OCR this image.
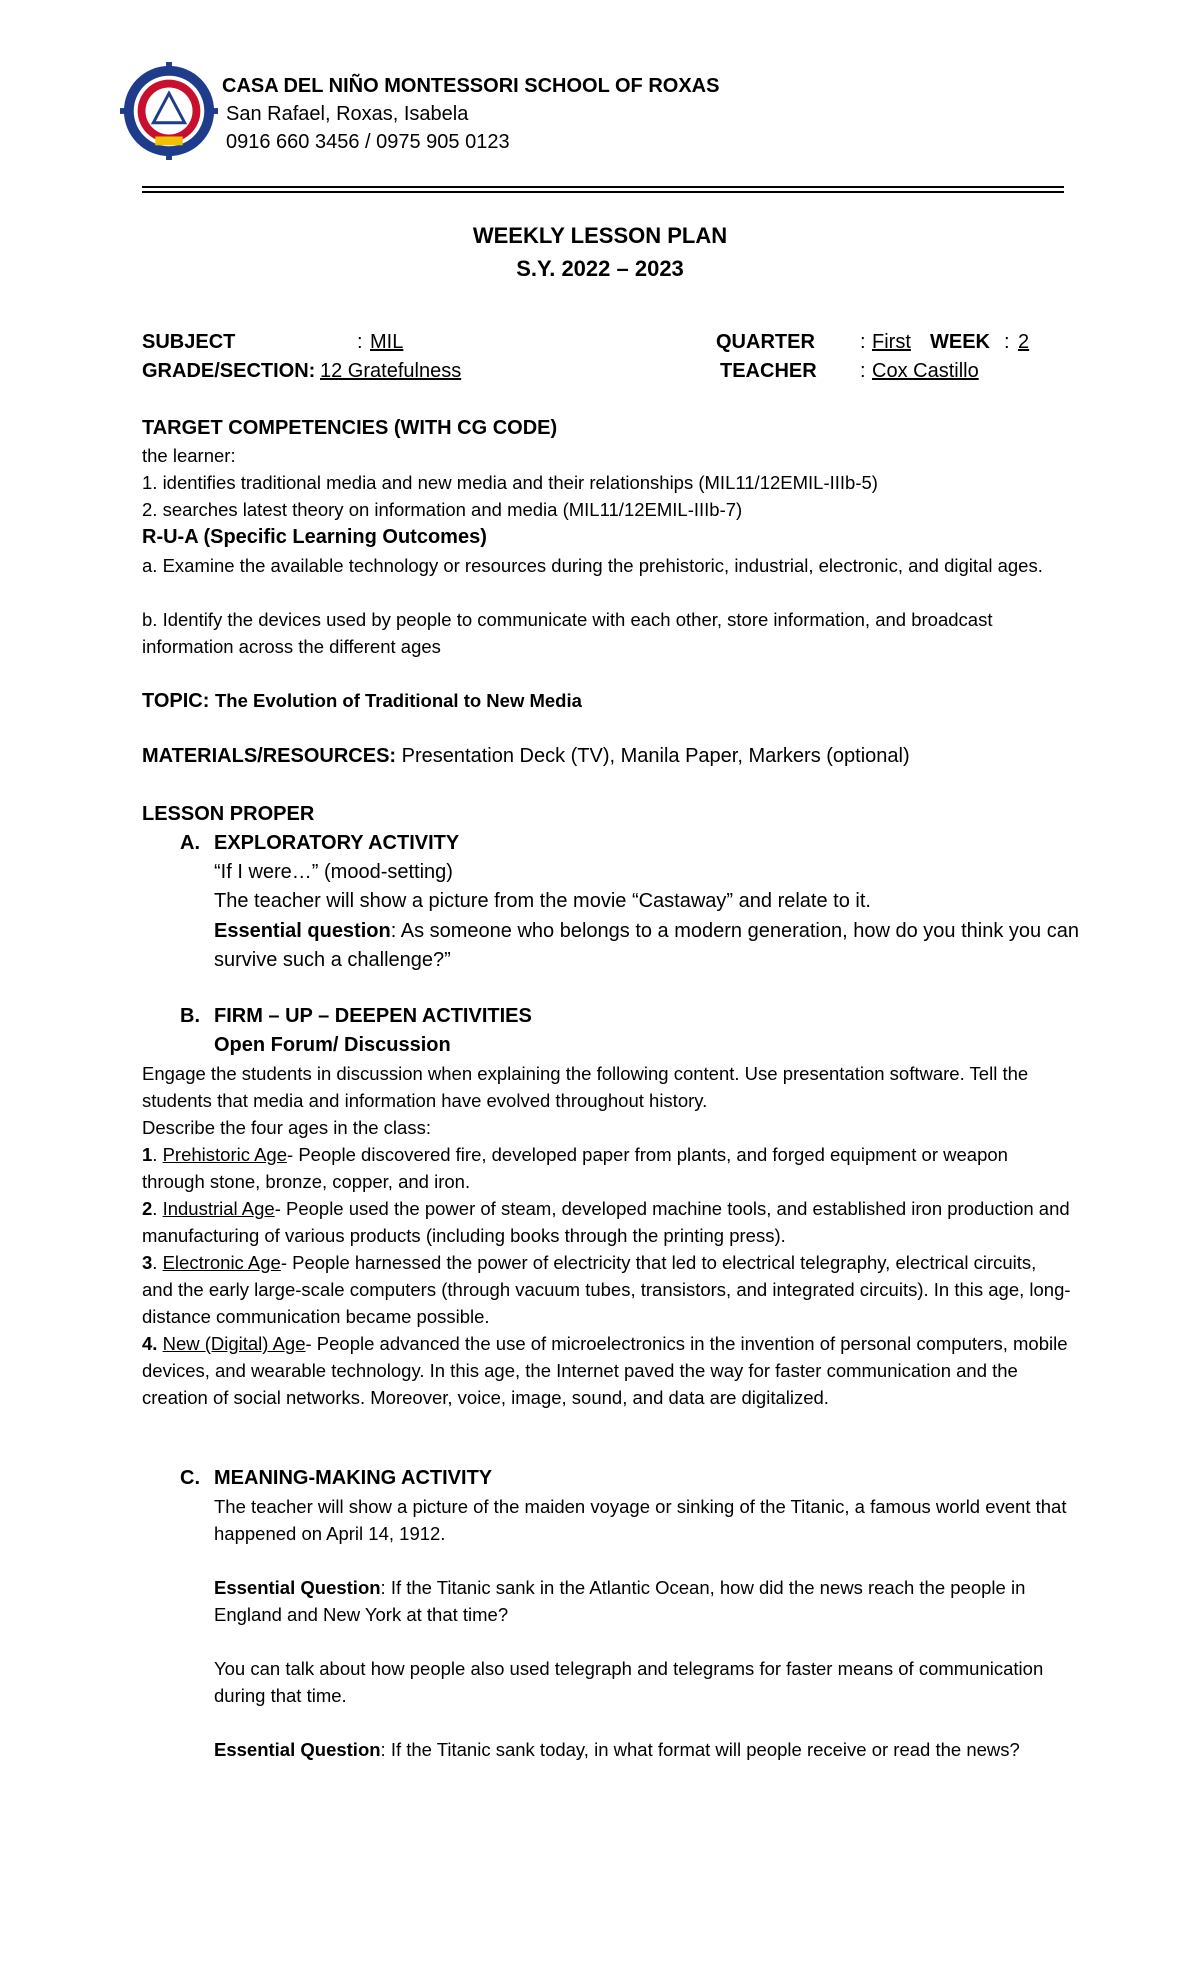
CASA DEL NIÑO MONTESSORI SCHOOL OF ROXAS

San Rafael, Roxas, Isabela

0916 660 3456 / 0975 905 0123

WEEKLY LESSON PLAN

S.Y. 2022 – 2023

SUBJECT	: MIL	QUARTER : First WEEK : 2
GRADE/SECTION: 12 Gratefulness	TEACHER : Cox Castillo

TARGET COMPETENCIES (WITH CG CODE)

the learner:

1. identifies traditional media and new media and their relationships (MIL11/12EMIL-IIIb-5)

2. searches latest theory on information and media (MIL11/12EMIL-IIIb-7)

R-U-A (Specific Learning Outcomes)

a. Examine the available technology or resources during the prehistoric, industrial, electronic, and digital ages.

b. Identify the devices used by people to communicate with each other, store information, and broadcast information across the different ages

TOPIC: The Evolution of Traditional to New Media

MATERIALS/RESOURCES: Presentation Deck (TV), Manila Paper, Markers (optional)

LESSON PROPER

A. EXPLORATORY ACTIVITY

“If I were…” (mood-setting)

The teacher will show a picture from the movie “Castaway” and relate to it.

Essential question: As someone who belongs to a modern generation, how do you think you can survive such a challenge?”

B. FIRM – UP – DEEPEN ACTIVITIES

Open Forum/ Discussion

Engage the students in discussion when explaining the following content. Use presentation software. Tell the students that media and information have evolved throughout history.

Describe the four ages in the class:

1. Prehistoric Age- People discovered fire, developed paper from plants, and forged equipment or weapon through stone, bronze, copper, and iron.

2. Industrial Age- People used the power of steam, developed machine tools, and established iron production and manufacturing of various products (including books through the printing press).

3. Electronic Age- People harnessed the power of electricity that led to electrical telegraphy, electrical circuits, and the early large-scale computers (through vacuum tubes, transistors, and integrated circuits). In this age, long-distance communication became possible.

4. New (Digital) Age- People advanced the use of microelectronics in the invention of personal computers, mobile devices, and wearable technology. In this age, the Internet paved the way for faster communication and the creation of social networks. Moreover, voice, image, sound, and data are digitalized.

C. MEANING-MAKING ACTIVITY

The teacher will show a picture of the maiden voyage or sinking of the Titanic, a famous world event that happened on April 14, 1912.

Essential Question: If the Titanic sank in the Atlantic Ocean, how did the news reach the people in England and New York at that time?

You can talk about how people also used telegraph and telegrams for faster means of communication during that time.

Essential Question: If the Titanic sank today, in what format will people receive or read the news?
